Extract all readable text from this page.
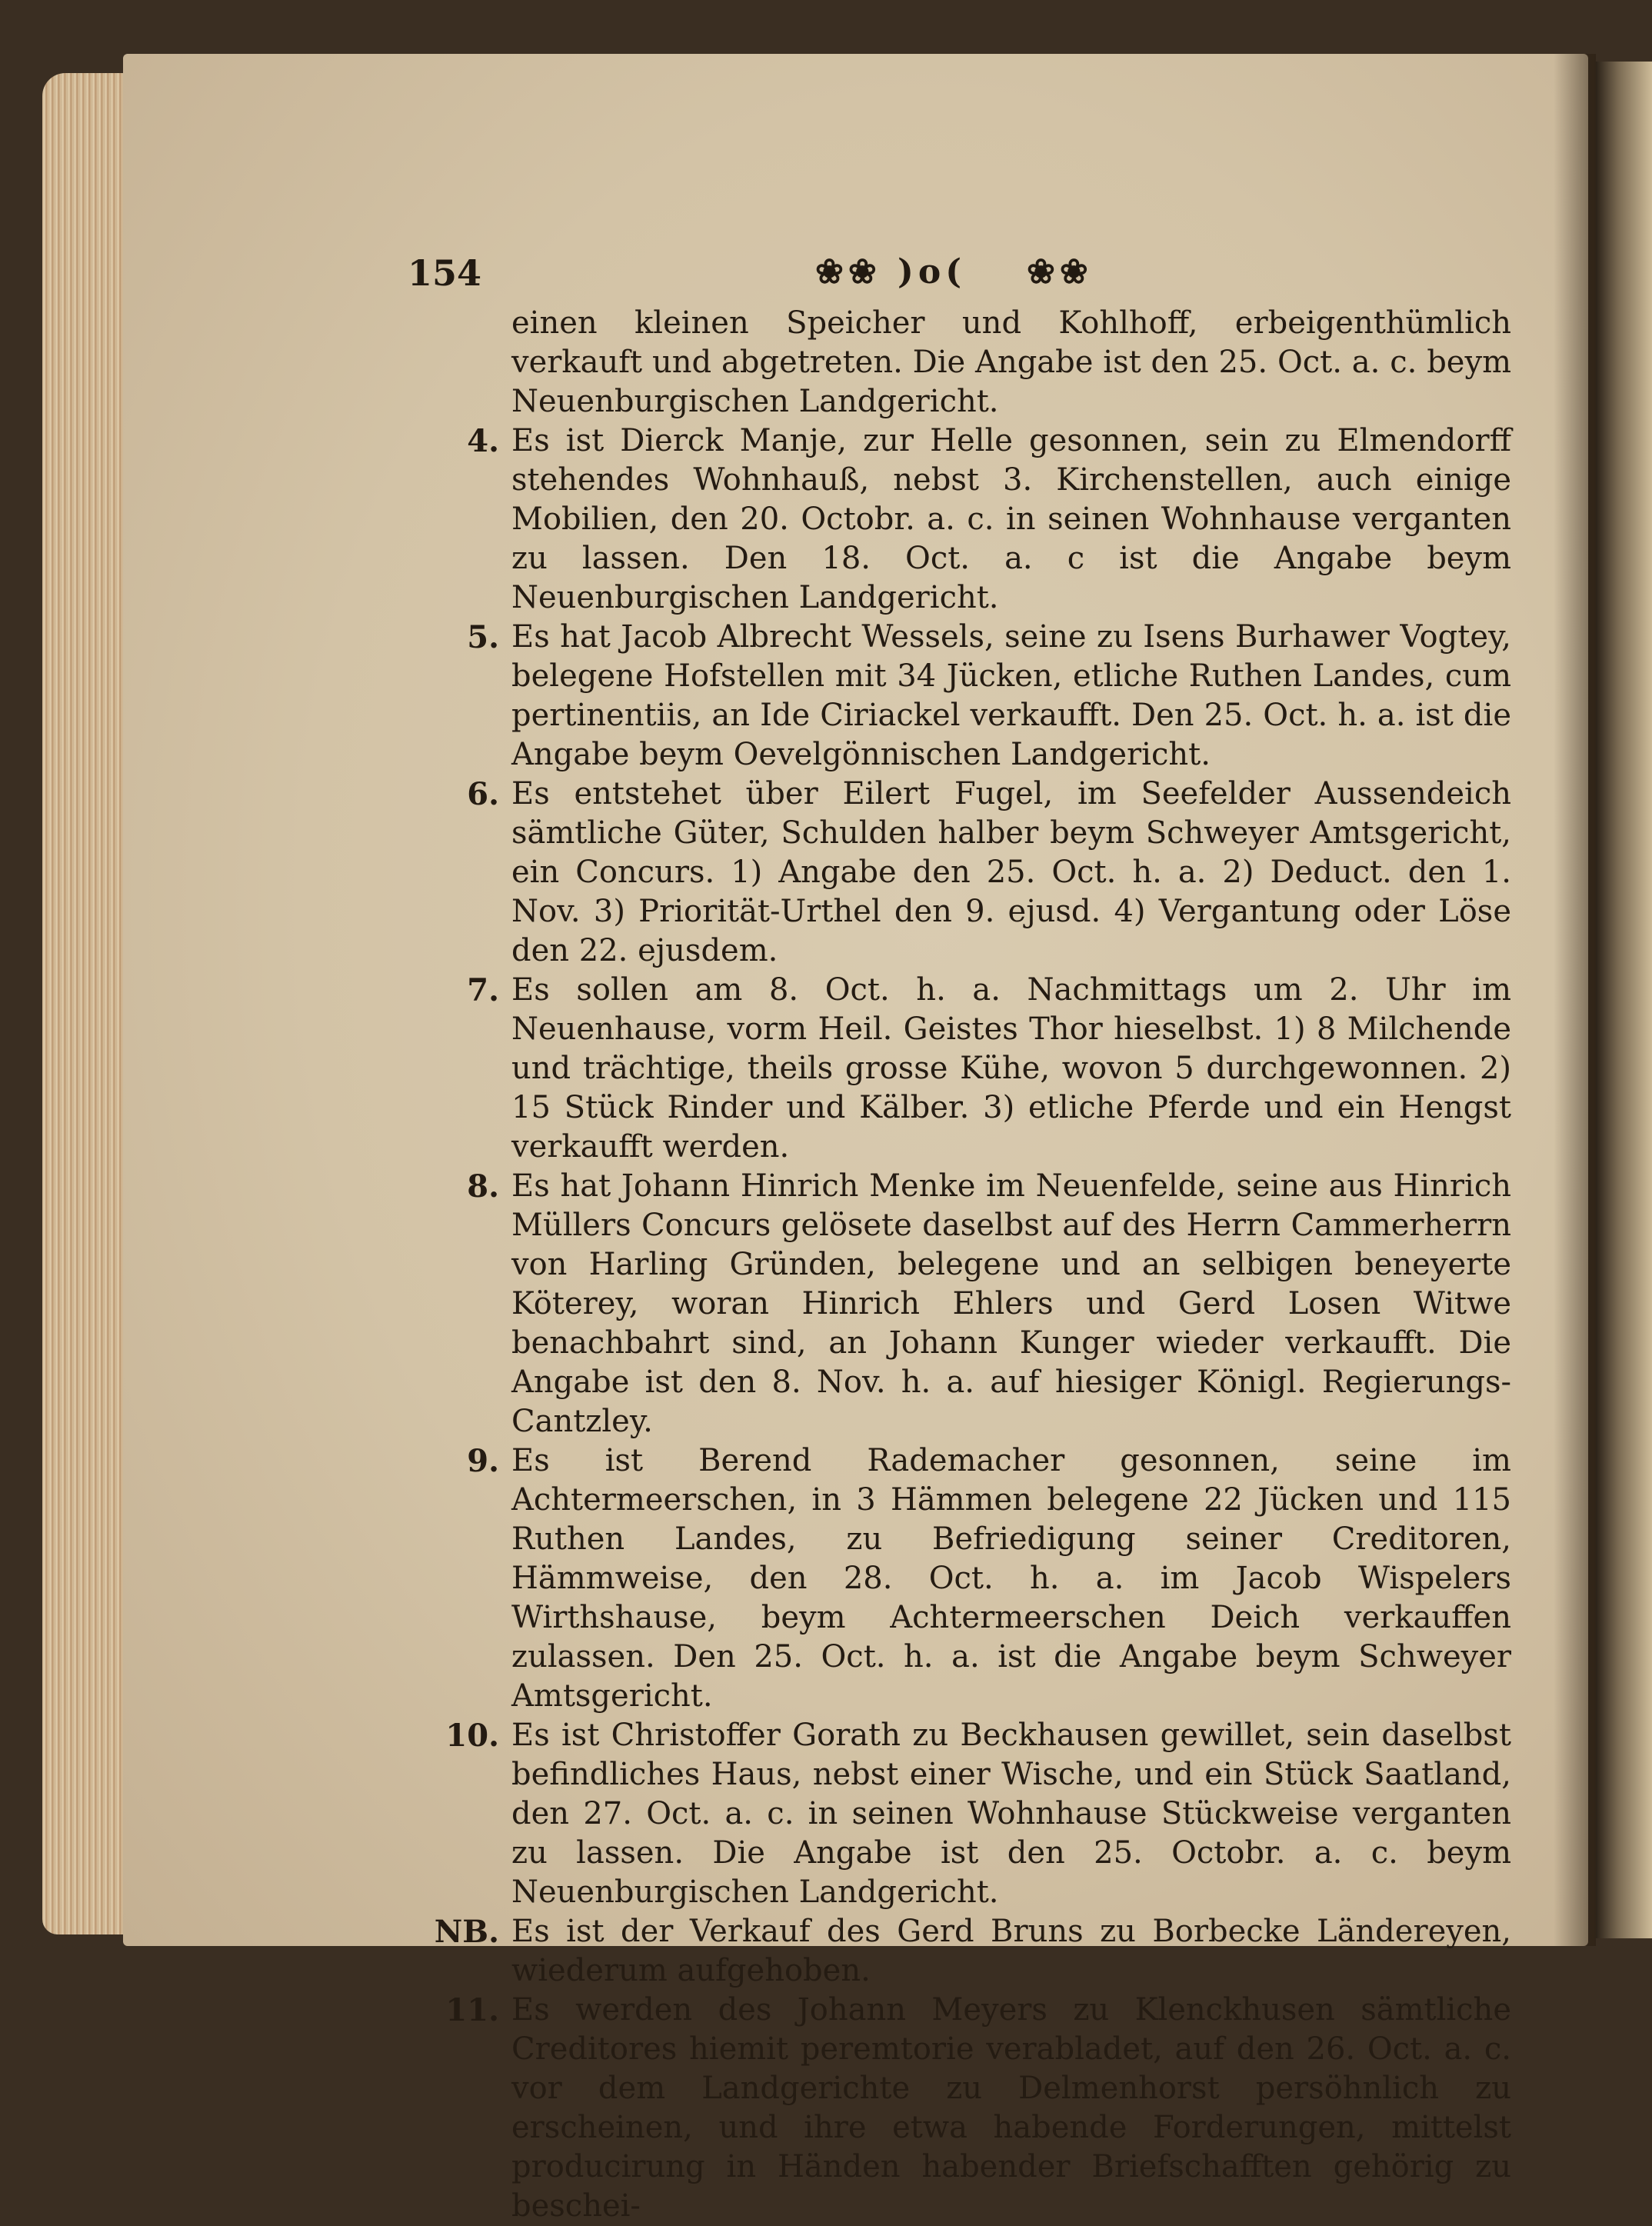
154	❀❀ )o( ❀❀
einen kleinen Speicher und Kohlhoff, erbeigenthümlich verkauft und abgetreten. Die Angabe ist den 25. Oct. a. c. beym Neuenburgischen Landgericht.
4. Es ist Dierck Manje, zur Helle gesonnen, sein zu Elmendorff stehendes Wohnhauß, nebst 3. Kirchenstellen, auch einige Mobilien, den 20. Octobr. a. c. in seinen Wohnhause verganten zu lassen. Den 18. Oct. a. c ist die Angabe beym Neuenburgischen Landgericht.
5. Es hat Jacob Albrecht Wessels, seine zu Isens Burhawer Vogtey, belegene Hofstellen mit 34 Jücken, etliche Ruthen Landes, cum pertinentiis, an Ide Ciriackel verkaufft. Den 25. Oct. h. a. ist die Angabe beym Oevelgönnischen Landgericht.
6. Es entstehet über Eilert Fugel, im Seefelder Aussendeich sämtliche Güter, Schulden halber beym Schweyer Amtsgericht, ein Concurs. 1) Angabe den 25. Oct. h. a. 2) Deduct. den 1. Nov. 3) Priorität-Urthel den 9. ejusd. 4) Vergantung oder Löse den 22. ejusdem.
7. Es sollen am 8. Oct. h. a. Nachmittags um 2. Uhr im Neuenhause, vorm Heil. Geistes Thor hieselbst. 1) 8 Milchende und trächtige, theils grosse Kühe, wovon 5 durchgewonnen. 2) 15 Stück Rinder und Kälber. 3) etliche Pferde und ein Hengst verkaufft werden.
8. Es hat Johann Hinrich Menke im Neuenfelde, seine aus Hinrich Müllers Concurs gelösete daselbst auf des Herrn Cammerherrn von Harling Gründen, belegene und an selbigen beneyerte Köterey, woran Hinrich Ehlers und Gerd Losen Witwe benachbahrt sind, an Johann Kunger wieder verkaufft. Die Angabe ist den 8. Nov. h. a. auf hiesiger Königl. Regierungs-Cantzley.
9. Es ist Berend Rademacher gesonnen, seine im Achtermeerschen, in 3 Hämmen belegene 22 Jücken und 115 Ruthen Landes, zu Befriedigung seiner Creditoren, Hämmweise, den 28. Oct. h. a. im Jacob Wispelers Wirthshause, beym Achtermeerschen Deich verkauffen zulassen. Den 25. Oct. h. a. ist die Angabe beym Schweyer Amtsgericht.
10. Es ist Christoffer Gorath zu Beckhausen gewillet, sein daselbst befindliches Haus, nebst einer Wische, und ein Stück Saatland, den 27. Oct. a. c. in seinen Wohnhause Stückweise verganten zu lassen. Die Angabe ist den 25. Octobr. a. c. beym Neuenburgischen Landgericht.
NB. Es ist der Verkauf des Gerd Bruns zu Borbecke Ländereyen, wiederum aufgehoben.
11. Es werden des Johann Meyers zu Klenckhusen sämtliche Creditores hiemit peremtorie verabladet, auf den 26. Oct. a. c. vor dem Landgerichte zu Delmenhorst persöhnlich zu erscheinen, und ihre etwa habende Forderungen, mittelst producirung in Händen habender Briefschafften gehörig zu beschei-
